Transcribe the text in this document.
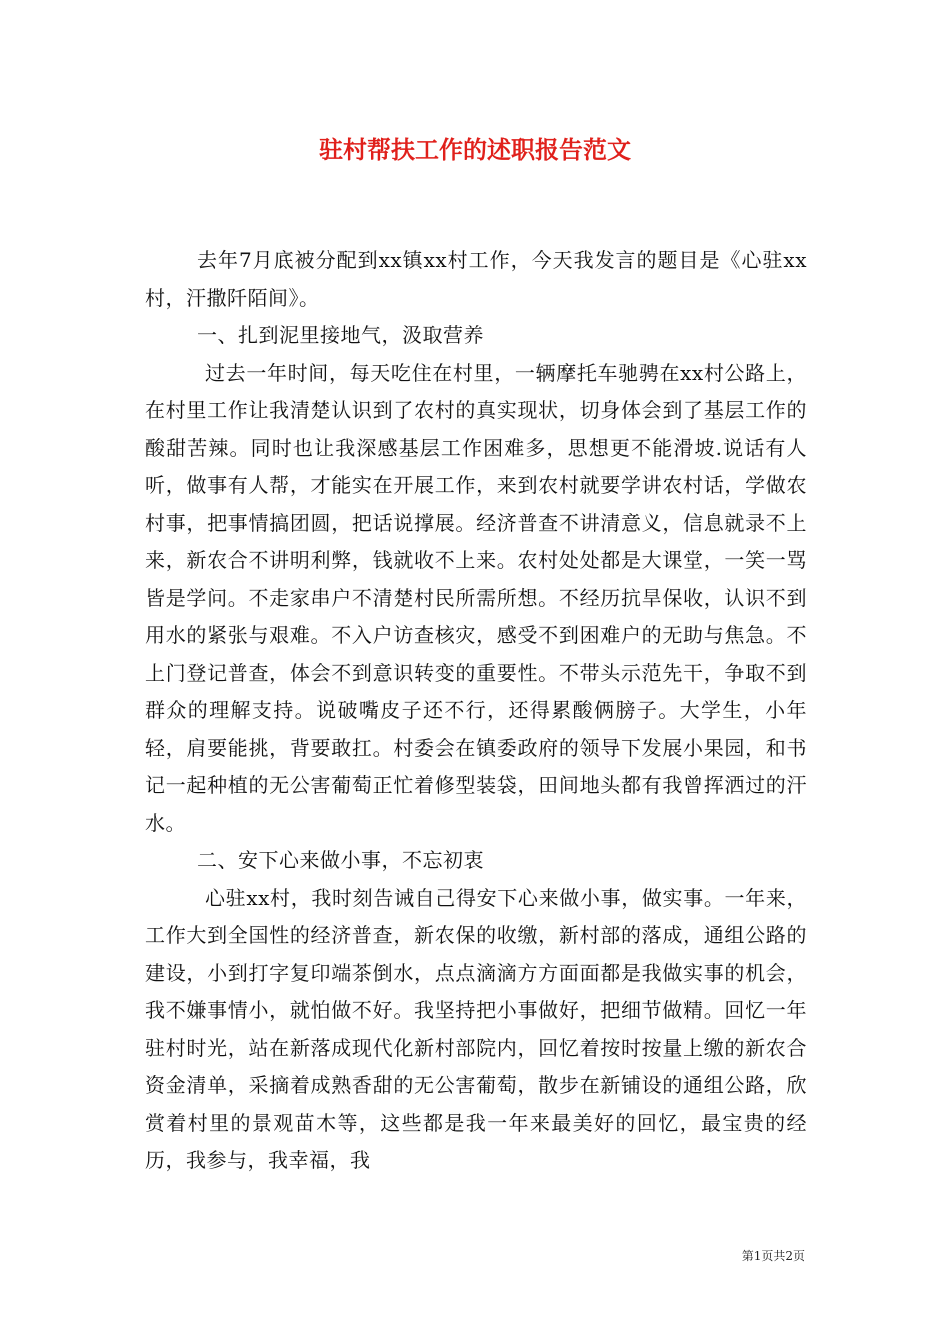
驻村帮扶工作的述职报告范文

去年7月底被分配到xx镇xx村工作，今天我发言的题目是《心驻xx村，汗撒阡陌间》。

一、扎到泥里接地气，汲取营养

过去一年时间，每天吃住在村里，一辆摩托车驰骋在xx村公路上，在村里工作让我清楚认识到了农村的真实现状，切身体会到了基层工作的酸甜苦辣。同时也让我深感基层工作困难多，思想更不能滑坡.说话有人听，做事有人帮，才能实在开展工作，来到农村就要学讲农村话，学做农村事，把事情搞团圆，把话说撑展。经济普查不讲清意义，信息就录不上来，新农合不讲明利弊，钱就收不上来。农村处处都是大课堂，一笑一骂皆是学问。不走家串户不清楚村民所需所想。不经历抗旱保收，认识不到用水的紧张与艰难。不入户访查核灾，感受不到困难户的无助与焦急。不上门登记普查，体会不到意识转变的重要性。不带头示范先干，争取不到群众的理解支持。说破嘴皮子还不行，还得累酸俩膀子。大学生，小年轻，肩要能挑，背要敢扛。村委会在镇委政府的领导下发展小果园，和书记一起种植的无公害葡萄正忙着修型装袋，田间地头都有我曾挥洒过的汗水。

二、安下心来做小事，不忘初衷

心驻xx村，我时刻告诫自己得安下心来做小事，做实事。一年来，工作大到全国性的经济普查，新农保的收缴，新村部的落成，通组公路的建设，小到打字复印端茶倒水，点点滴滴方方面面都是我做实事的机会，我不嫌事情小，就怕做不好。我坚持把小事做好，把细节做精。回忆一年驻村时光，站在新落成现代化新村部院内，回忆着按时按量上缴的新农合资金清单，采摘着成熟香甜的无公害葡萄，散步在新铺设的通组公路，欣赏着村里的景观苗木等，这些都是我一年来最美好的回忆，最宝贵的经历，我参与，我幸福，我

第1页共2页
